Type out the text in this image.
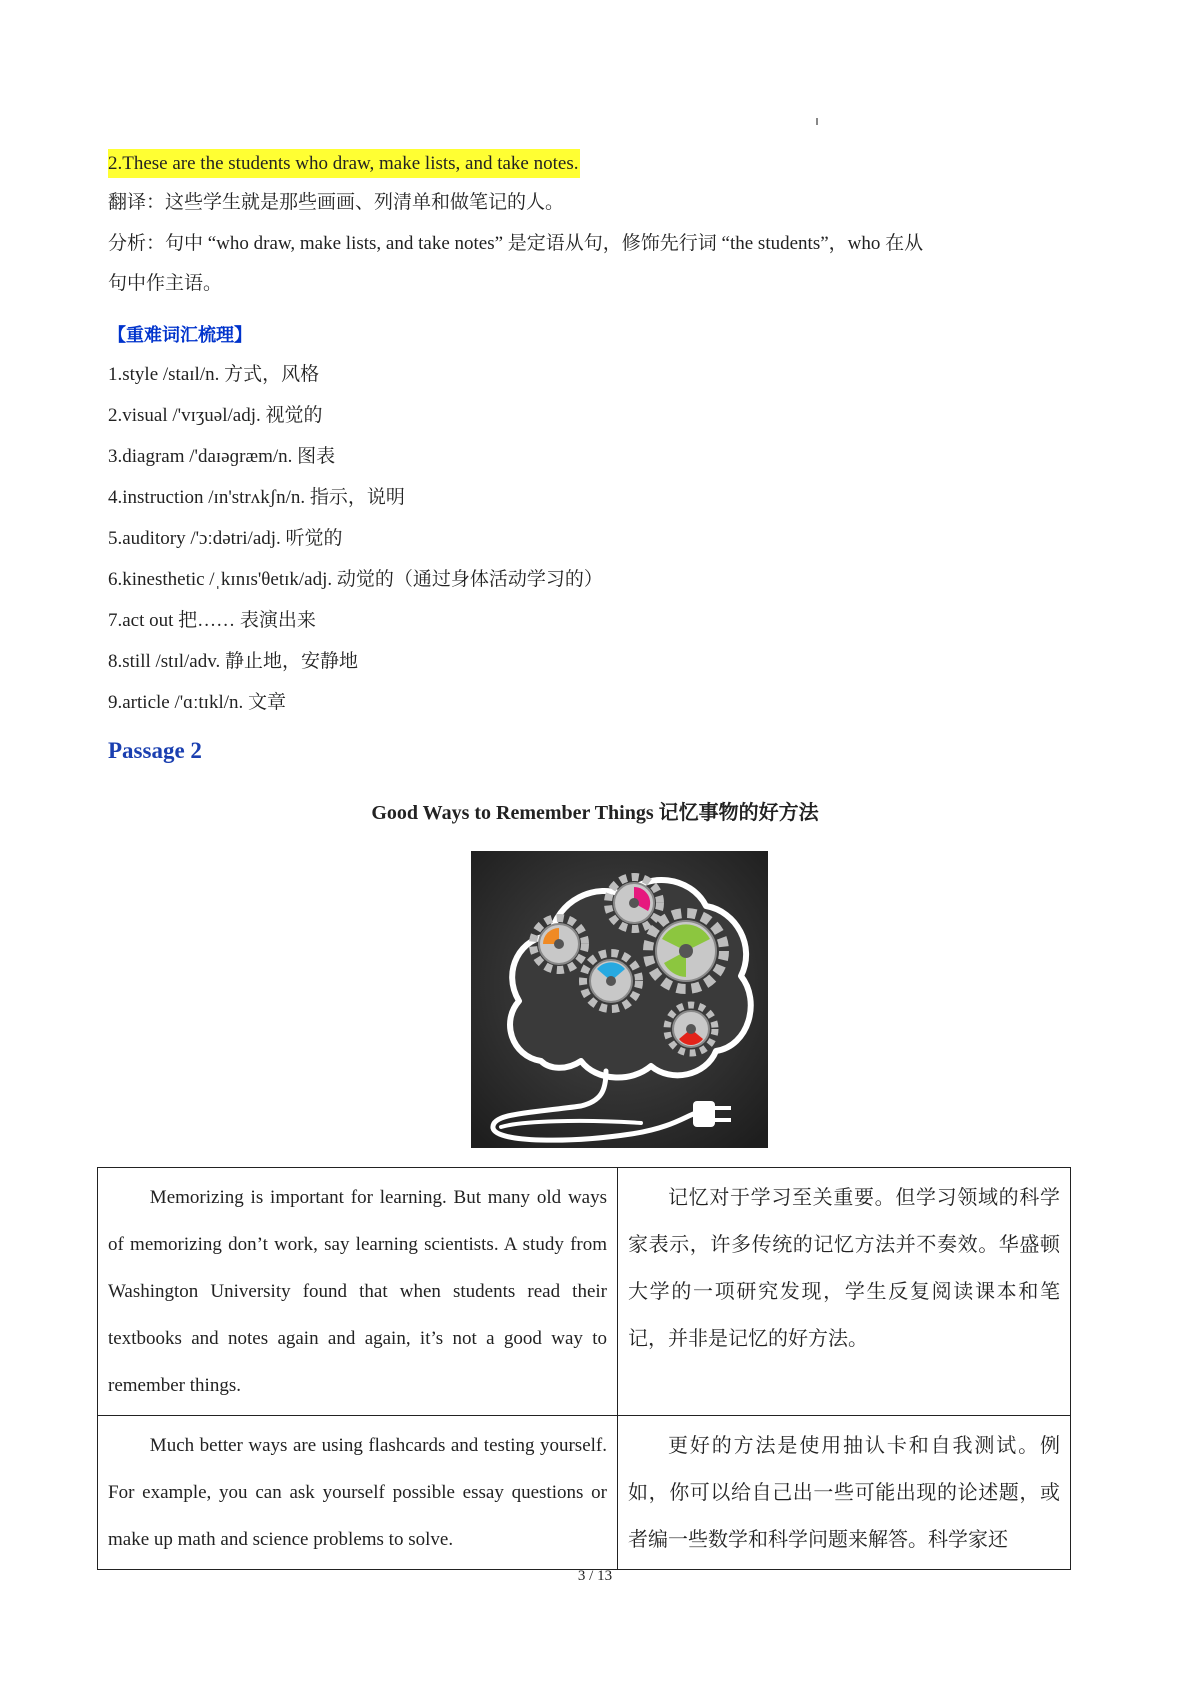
2.These are the students who draw, make lists, and take notes.
翻译：这些学生就是那些画画、列清单和做笔记的人。
分析：句中 “who draw, make lists, and take notes” 是定语从句，修饰先行词 “the students”，who 在从
句中作主语。
【重难词汇梳理】
1.style /staɪl/n. 方式，风格
2.visual /'vɪʒuəl/adj. 视觉的
3.diagram /'daɪəɡræm/n. 图表
4.instruction /ɪn'strʌkʃn/n. 指示，说明
5.auditory /'ɔːdətri/adj. 听觉的
6.kinesthetic /ˌkɪnɪs'θetɪk/adj. 动觉的（通过身体活动学习的）
7.act out 把…… 表演出来
8.still /stɪl/adv. 静止地，安静地
9.article /'ɑːtɪkl/n. 文章
Passage 2
Good Ways to Remember Things 记忆事物的好方法
Memorizing is important for learning. But many old ways of memorizing don’t work, say learning scientists. A study from Washington University found that when students read their textbooks and notes again and again, it’s not a good way to remember things.	记忆对于学习至关重要。但学习领域的科学家表示，许多传统的记忆方法并不奏效。华盛顿大学的一项研究发现，学生反复阅读课本和笔记，并非是记忆的好方法。

Much better ways are using flashcards and testing yourself. For example, you can ask yourself possible essay questions or make up math and science problems to solve.	更好的方法是使用抽认卡和自我测试。例如，你可以给自己出一些可能出现的论述题，或者编一些数学和科学问题来解答。科学家还
3 / 13
